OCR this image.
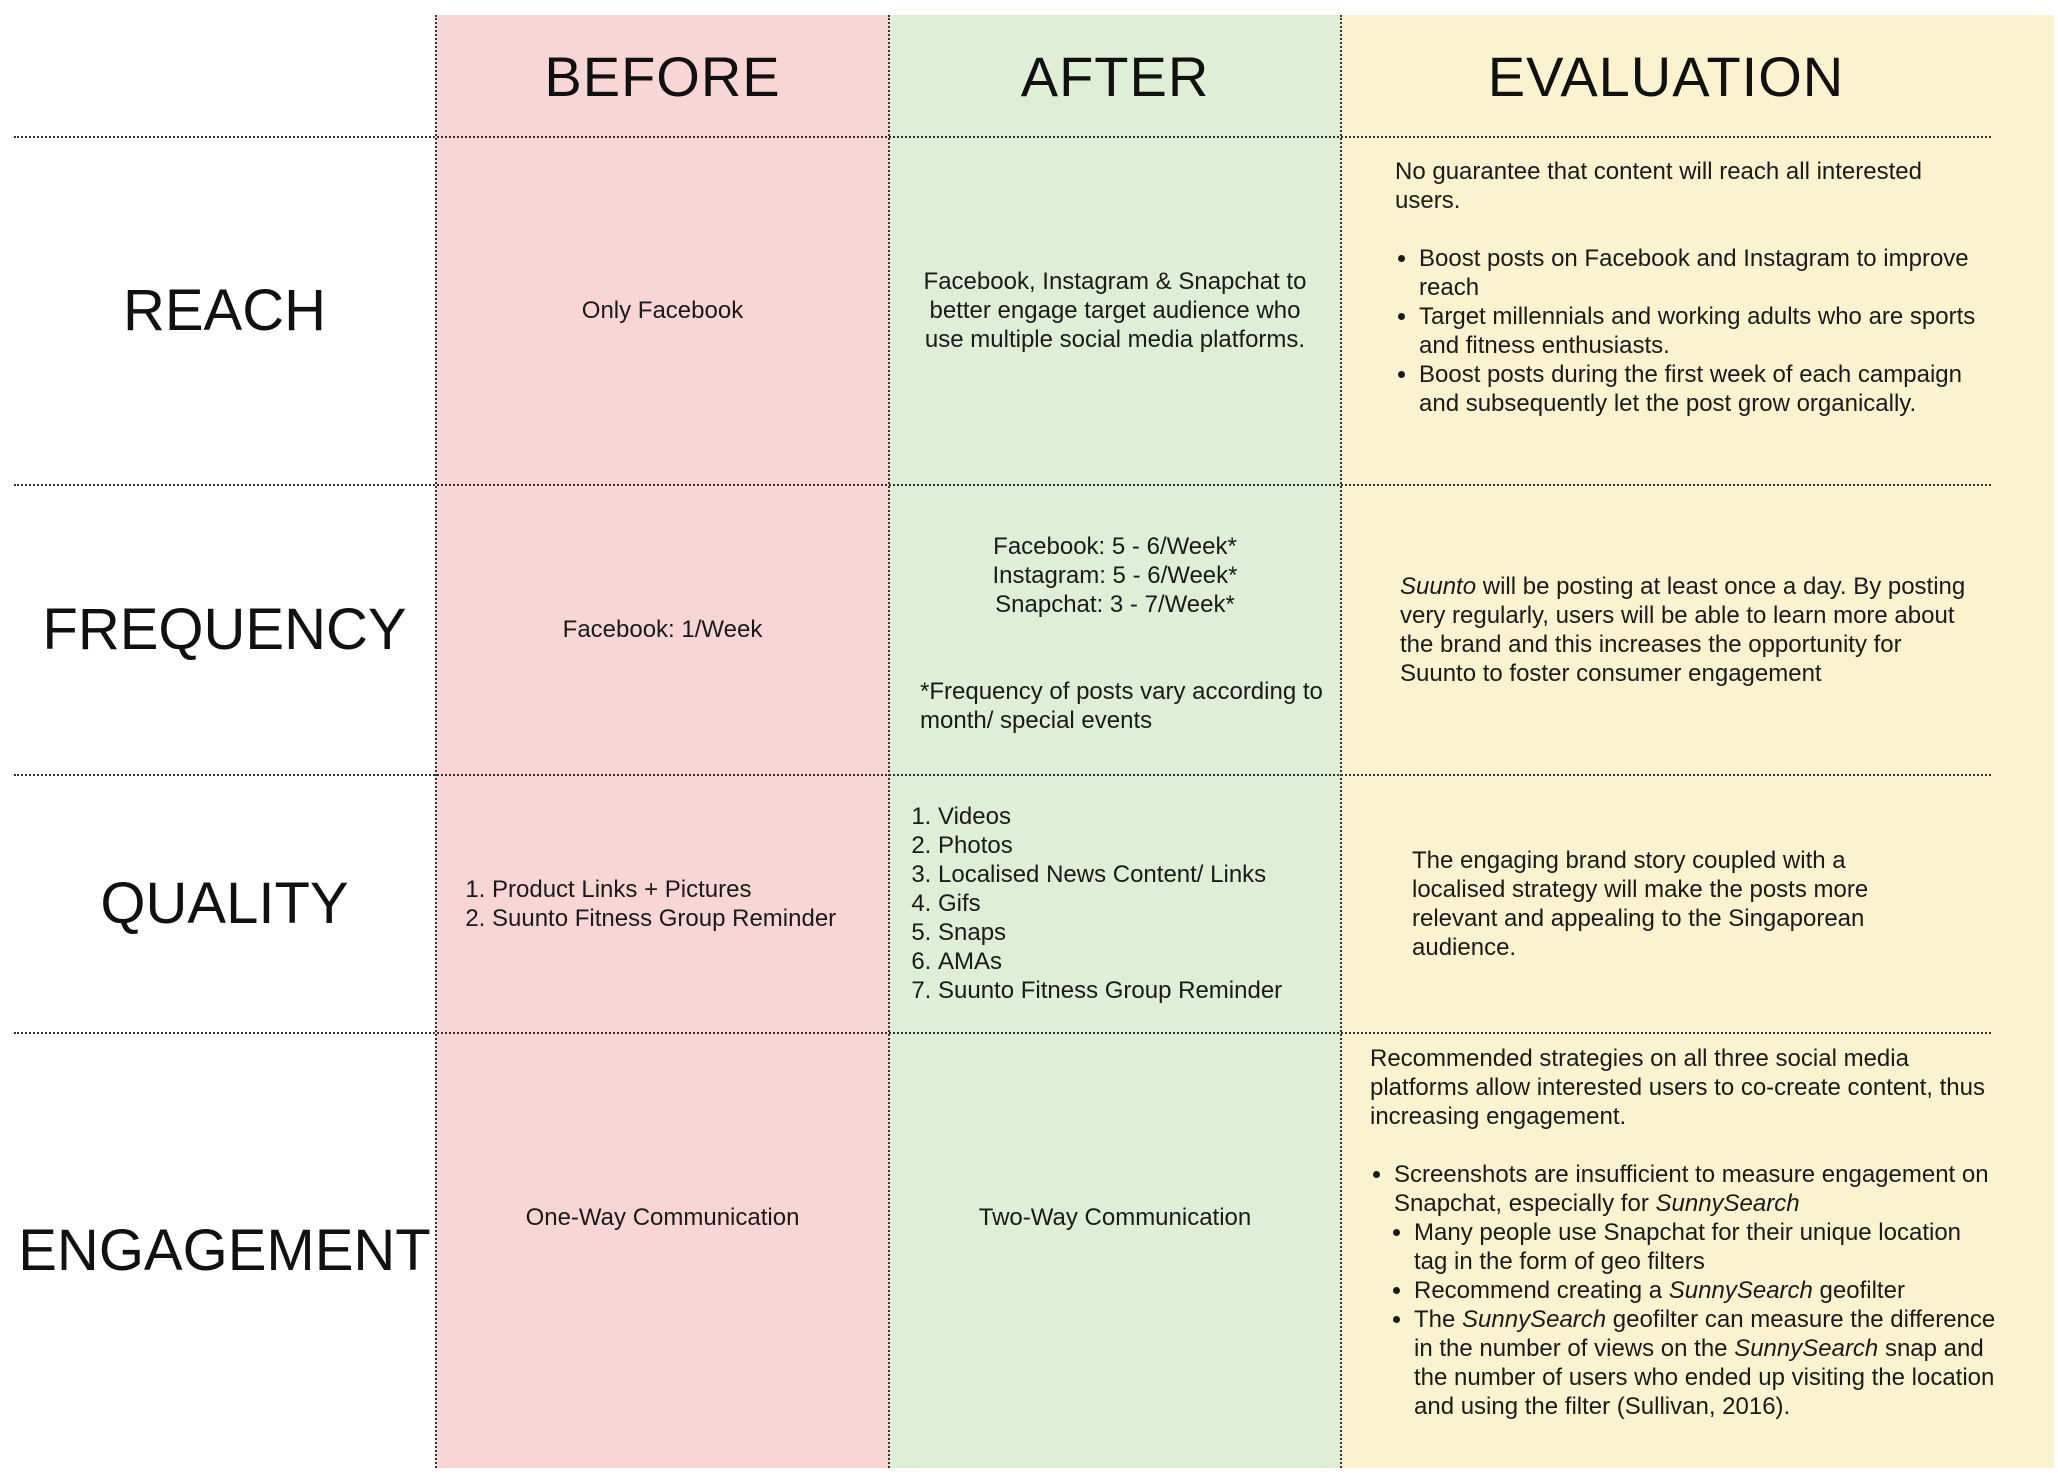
BEFORE	AFTER	EVALUATION
REACH	Only Facebook
Facebook, Instagram & Snapchat to better engage target audience who use multiple social media platforms.

No guarantee that content will reach all interested users.

• Boost posts on Facebook and Instagram to improve reach
• Target millennials and working adults who are sports and fitness enthusiasts.
• Boost posts during the first week of each campaign and subsequently let the post grow organically.
FREQUENCY	Facebook: 1/Week

Facebook: 5 - 6/Week*

Instagram: 5 - 6/Week*

Snapchat: 3 - 7/Week*

*Frequency of posts vary according to month/ special events

Suunto will be posting at least once a day. By posting very regularly, users will be able to learn more about the brand and this increases the opportunity for Suunto to foster consumer engagement

QUALITY
1.	Product Links + Pictures
2. Suunto Fitness Group Reminder
1. Videos
2. Photos
3. Localised News Content/ Links
4. Gifs
5. Snaps
6. AMAs
7. Suunto Fitness Group Reminder
The engaging brand story coupled with a localised strategy will make the posts more relevant and appealing to the Singaporean audience.
ENGAGEMENT
One-Way Communication	Two-Way Communication

Recommended strategies on all three social media platforms allow interested users to co-create content, thus increasing engagement.

• Screenshots are insufficient to measure engagement on Snapchat, especially for SunnySearch
• Many people use Snapchat for their unique location tag in the form of geo filters
• Recommend creating a SunnySearch geofilter
• The SunnySearch geofilter can measure the difference in the number of views on the SunnySearch snap and the number of users who ended up visiting the location and using the filter (Sullivan, 2016).
